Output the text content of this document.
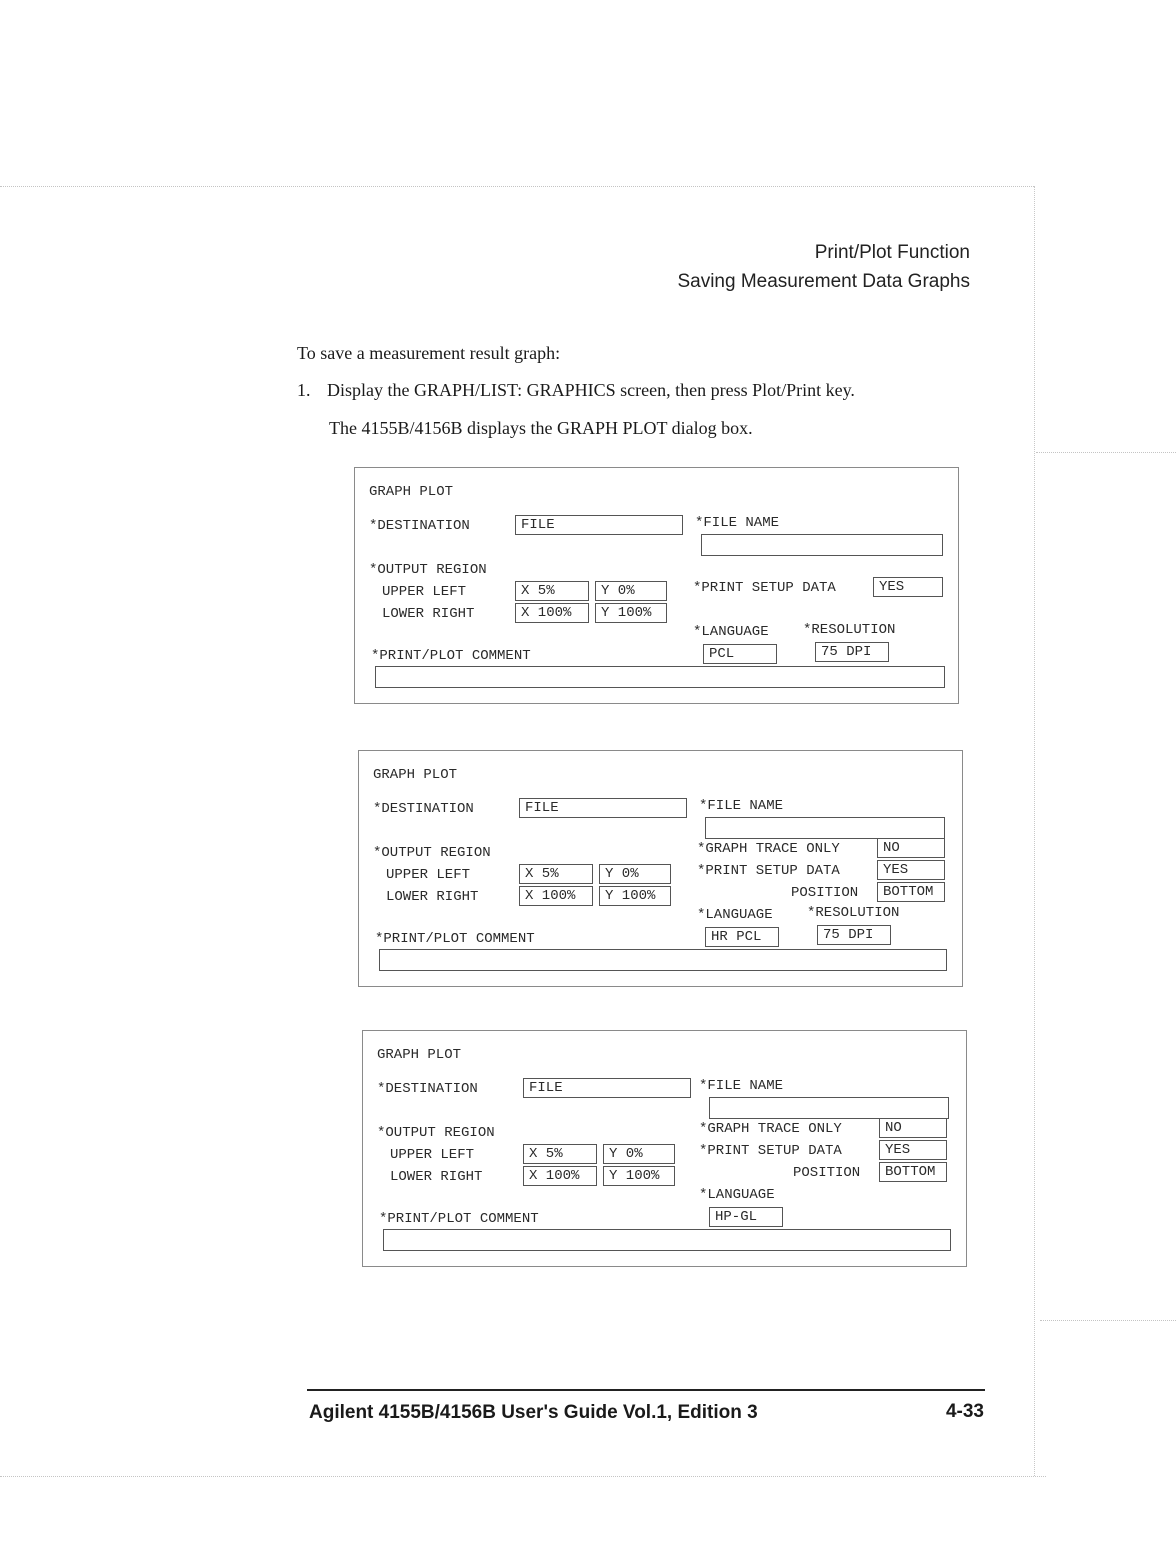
Print/Plot Function
Saving Measurement Data Graphs
To save a measurement result graph:
1. Display the GRAPH/LIST: GRAPHICS screen, then press Plot/Print key.
The 4155B/4156B displays the GRAPH PLOT dialog box.
GRAPH PLOT
*DESTINATION	FILE	*FILE NAME
*OUTPUT REGION
UPPER LEFT	X 5%	Y 0%
LOWER RIGHT	X 100%	Y 100%
*PRINT SETUP DATA	YES
*LANGUAGE *RESOLUTION
PCL	75 DPI
*PRINT/PLOT COMMENT
GRAPH PLOT
*DESTINATION	FILE	*FILE NAME
*OUTPUT REGION
UPPER LEFT	X 5%	Y 0%
LOWER RIGHT	X 100%	Y 100%
*GRAPH TRACE ONLY	NO
*PRINT SETUP DATA	YES
POSITION	BOTTOM
*LANGUAGE *RESOLUTION
HR PCL	75 DPI
*PRINT/PLOT COMMENT
GRAPH PLOT
*DESTINATION	FILE	*FILE NAME
*OUTPUT REGION
UPPER LEFT	X 5%	Y 0%
LOWER RIGHT	X 100%	Y 100%
*GRAPH TRACE ONLY	NO
*PRINT SETUP DATA	YES
POSITION	BOTTOM
*LANGUAGE
HP-GL
*PRINT/PLOT COMMENT
Agilent 4155B/4156B User's Guide Vol.1, Edition 3	4-33
